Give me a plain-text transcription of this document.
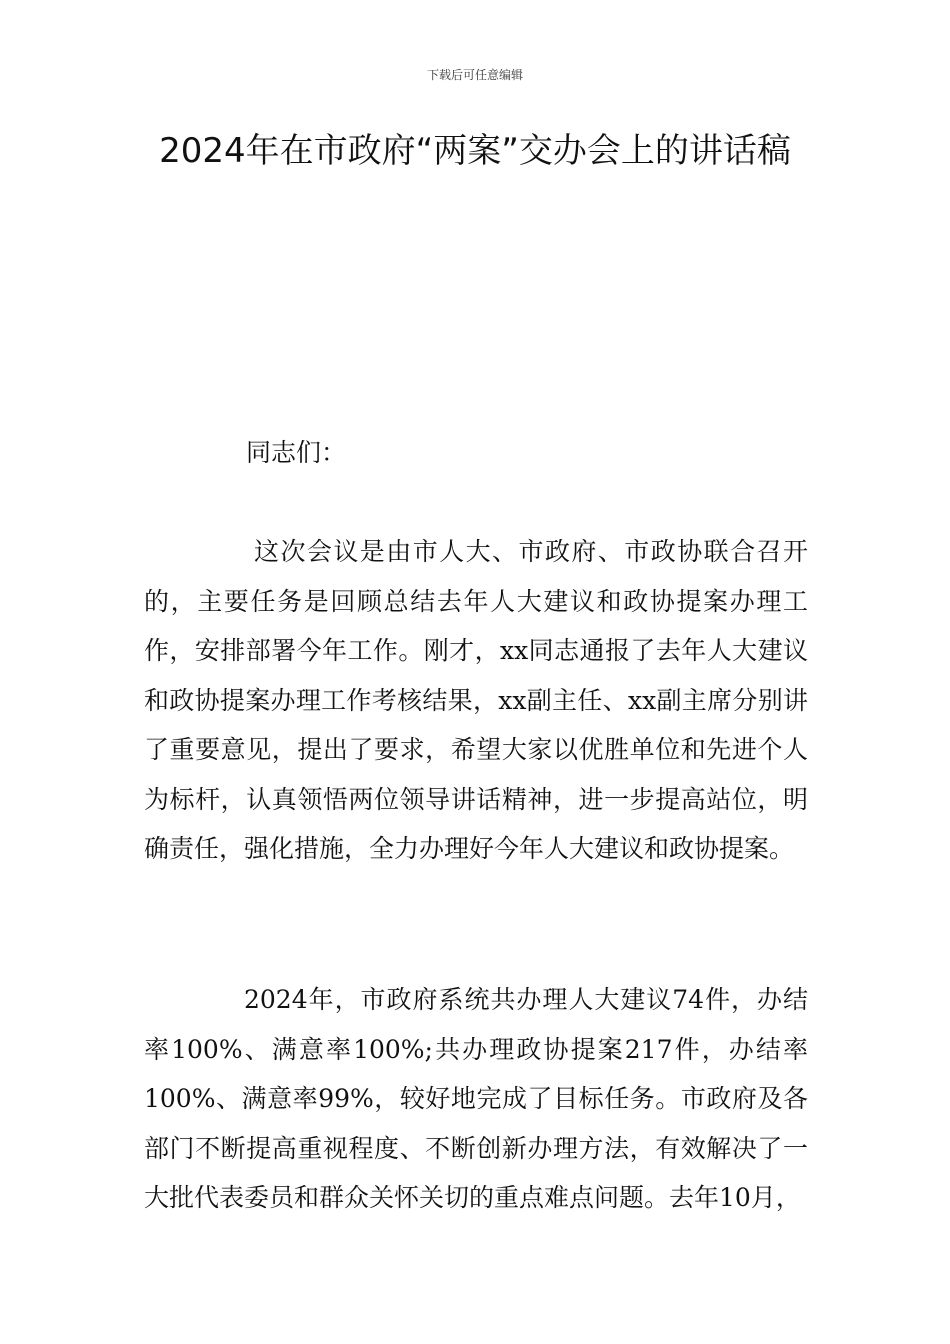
下载后可任意编辑
2024年在市政府“两案”交办会上的讲话稿

同志们：

这次会议是由市人大、市政府、市政协联合召开的，主要任务是回顾总结去年人大建议和政协提案办理工作，安排部署今年工作。刚才，xx同志通报了去年人大建议和政协提案办理工作考核结果，xx副主任、xx副主席分别讲了重要意见，提出了要求，希望大家以优胜单位和先进个人为标杆，认真领悟两位领导讲话精神，进一步提高站位，明确责任，强化措施，全力办理好今年人大建议和政协提案。

2024年，市政府系统共办理人大建议74件，办结率100%、满意率100%;共办理政协提案217件，办结率100%、满意率99%，较好地完成了目标任务。市政府及各部门不断提高重视程度、不断创新办理方法，有效解决了一大批代表委员和群众关怀关切的重点难点问题。去年10月，
